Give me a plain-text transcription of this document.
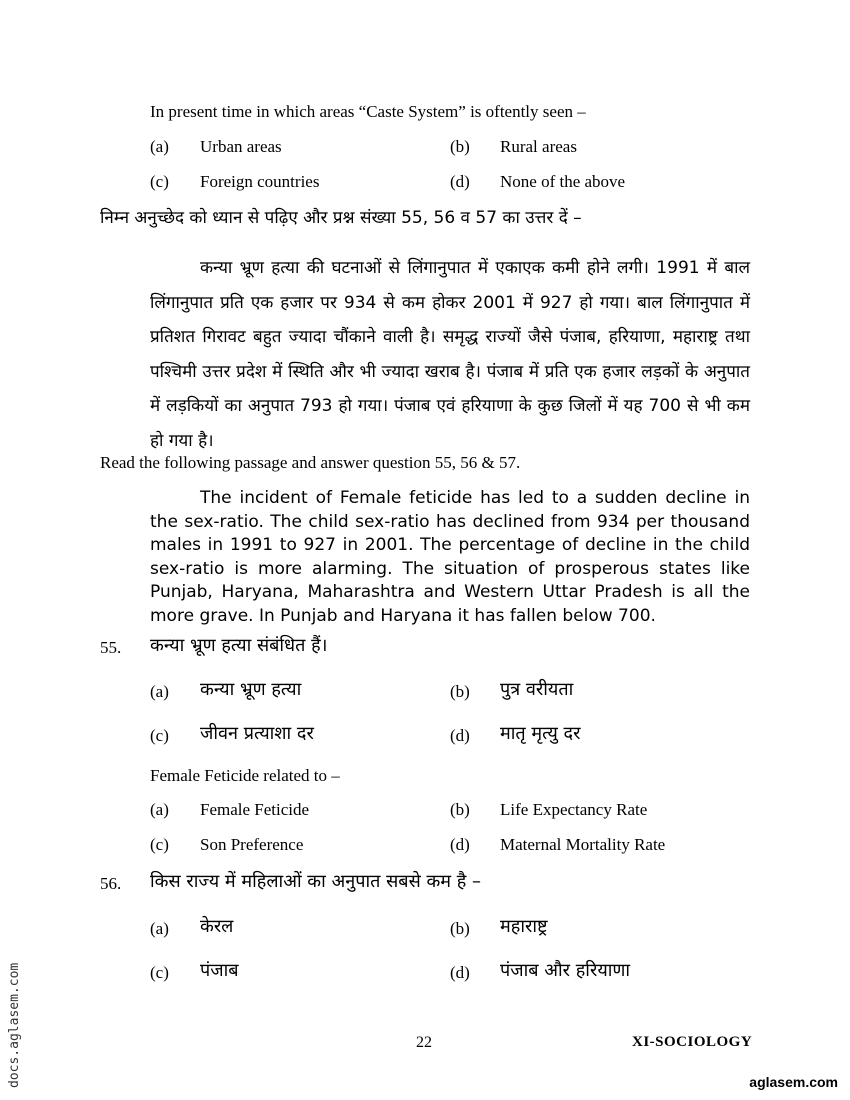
In present time in which areas “Caste System” is oftently seen –
(a) Urban areas	(b) Rural areas
(c) Foreign countries	(d) None of the above
निम्न अनुच्छेद को ध्यान से पढ़िए और प्रश्न संख्या 55, 56 व 57 का उत्तर दें –
कन्या भ्रूण हत्या की घटनाओं से लिंगानुपात में एकाएक कमी होने लगी। 1991 में बाल लिंगानुपात प्रति एक हजार पर 934 से कम होकर 2001 में 927 हो गया। बाल लिंगानुपात में प्रतिशत गिरावट बहुत ज्यादा चौंकाने वाली है। समृद्ध राज्यों जैसे पंजाब, हरियाणा, महाराष्ट्र तथा पश्चिमी उत्तर प्रदेश में स्थिति और भी ज्यादा खराब है। पंजाब में प्रति एक हजार लड़कों के अनुपात में लड़कियों का अनुपात 793 हो गया। पंजाब एवं हरियाणा के कुछ जिलों में यह 700 से भी कम हो गया है।
Read the following passage and answer question 55, 56 & 57.
The incident of Female feticide has led to a sudden decline in the sex-ratio. The child sex-ratio has declined from 934 per thousand males in 1991 to 927 in 2001. The percentage of decline in the child sex-ratio is more alarming. The situation of prosperous states like Punjab, Haryana, Maharashtra and Western Uttar Pradesh is all the more grave. In Punjab and Haryana it has fallen below 700.
55. कन्या भ्रूण हत्या संबंधित हैं।
(a) कन्या भ्रूण हत्या	(b) पुत्र वरीयता
(c) जीवन प्रत्याशा दर	(d) मातृ मृत्यु दर
Female Feticide related to –
(a) Female Feticide	(b) Life Expectancy Rate
(c) Son Preference	(d) Maternal Mortality Rate
56. किस राज्य में महिलाओं का अनुपात सबसे कम है –
(a) केरल	(b) महाराष्ट्र
(c) पंजाब	(d) पंजाब और हरियाणा
22	XI-SOCIOLOGY
docs.aglasem.com	aglasem.com
